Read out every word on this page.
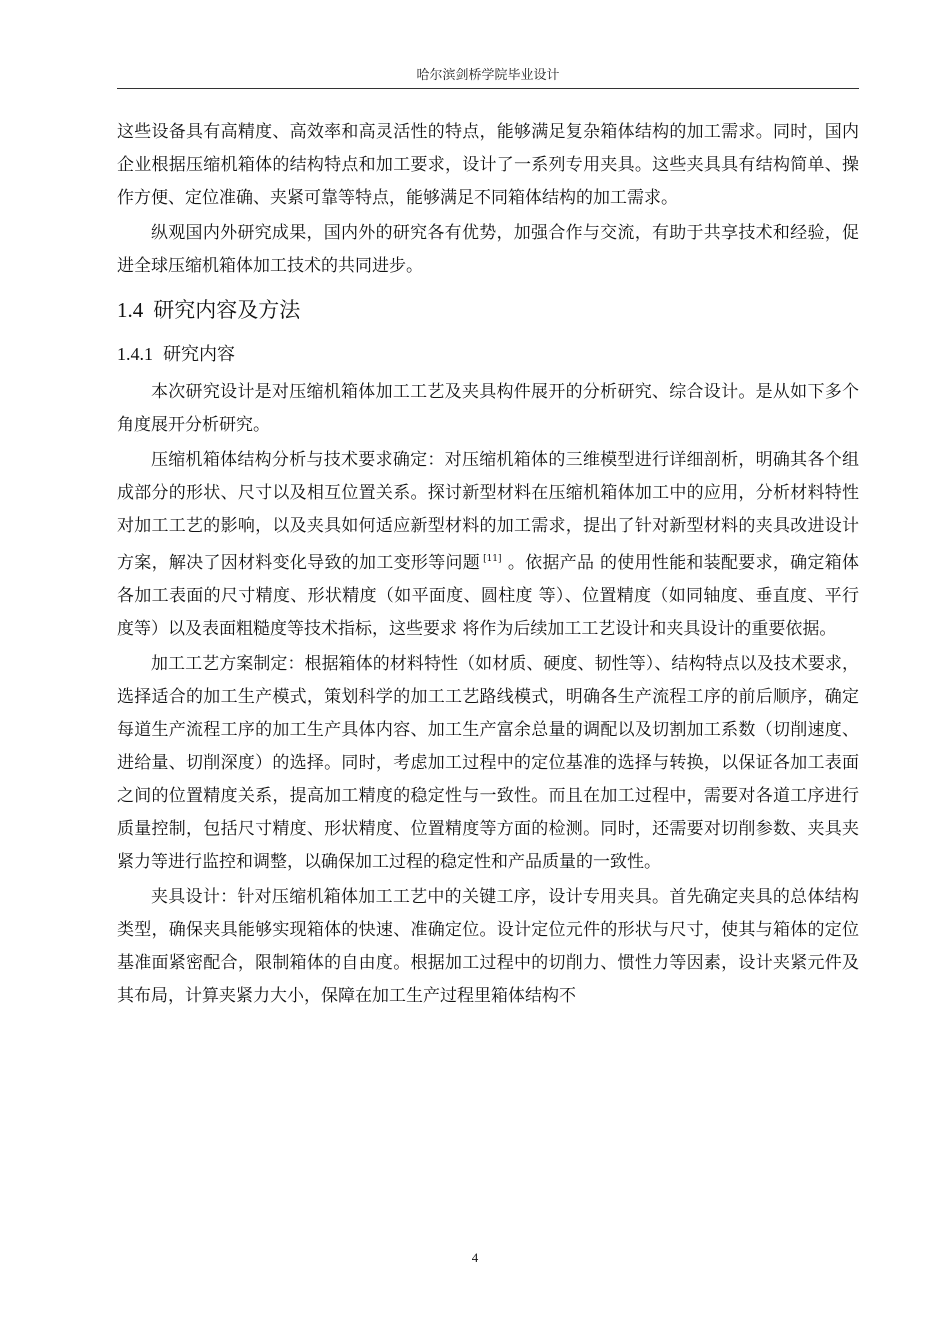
哈尔滨剑桥学院毕业设计

这些设备具有高精度、高效率和高灵活性的特点，能够满足复杂箱体结构的加工需求。同时，国内企业根据压缩机箱体的结构特点和加工要求，设计了一系列专用夹具。这些夹具具有结构简单、操作方便、定位准确、夹紧可靠等特点，能够满足不同箱体结构的加工需求。

纵观国内外研究成果，国内外的研究各有优势，加强合作与交流，有助于共享技术和经验，促进全球压缩机箱体加工技术的共同进步。

1.4 研究内容及方法
1.4.1 研究内容

本次研究设计是对压缩机箱体加工工艺及夹具构件展开的分析研究、综合设计。是从如下多个角度展开分析研究。

压缩机箱体结构分析与技术要求确定：对压缩机箱体的三维模型进行详细剖析，明确其各个组成部分的形状、尺寸以及相互位置关系。探讨新型材料在压缩机箱体加工中的应用，分析材料特性对加工工艺的影响，以及夹具如何适应新型材料的加工需求，提出了针对新型材料的夹具改进设计方案，解决了因材料变化导致的加工变形等问题 [11] 。依据产品 的使用性能和装配要求，确定箱体各加工表面的尺寸精度、形状精度（如平面度、圆柱度 等）、位置精度（如同轴度、垂直度、平行度等）以及表面粗糙度等技术指标，这些要求 将作为后续加工工艺设计和夹具设计的重要依据。

加工工艺方案制定：根据箱体的材料特性（如材质、硬度、韧性等）、结构特点以及技术要求，选择适合的加工生产模式，策划科学的加工工艺路线模式，明确各生产流程工序的前后顺序，确定每道生产流程工序的加工生产具体内容、加工生产富余总量的调配以及切割加工系数（切削速度、进给量、切削深度）的选择。同时，考虑加工过程中的定位基准的选择与转换，以保证各加工表面之间的位置精度关系，提高加工精度的稳定性与一致性。而且在加工过程中，需要对各道工序进行质量控制，包括尺寸精度、形状精度、位置精度等方面的检测。同时，还需要对切削参数、夹具夹紧力等进行监控和调整，以确保加工过程的稳定性和产品质量的一致性。

夹具设计：针对压缩机箱体加工工艺中的关键工序，设计专用夹具。首先确定夹具的总体结构类型，确保夹具能够实现箱体的快速、准确定位。设计定位元件的形状与尺寸，使其与箱体的定位基准面紧密配合，限制箱体的自由度。根据加工过程中的切削力、惯性力等因素，设计夹紧元件及其布局，计算夹紧力大小，保障在加工生产过程里箱体结构不

4
